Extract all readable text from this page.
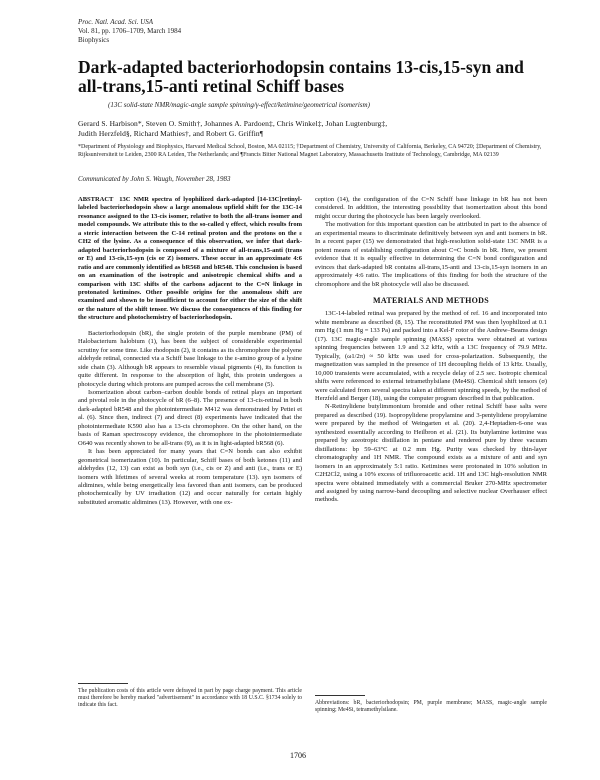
Proc. Natl. Acad. Sci. USA
Vol. 81, pp. 1706–1709, March 1984
Biophysics
Dark-adapted bacteriorhodopsin contains 13-cis,15-syn and
all-trans,15-anti retinal Schiff bases
(13C solid-state NMR/magic-angle sample spinning/γ-effect/ketimine/geometrical isomerism)
Gerard S. Harbison*, Steven O. Smith†, Johannes A. Pardoen‡, Chris Winkel‡, Johan Lugtenburg‡,
Judith Herzfeld§, Richard Mathies†, and Robert G. Griffin¶
*Department of Physiology and Biophysics, Harvard Medical School, Boston, MA 02115; †Department of Chemistry, University of California, Berkeley, CA 94720; ‡Department of Chemistry, Rijksuniversiteit te Leiden, 2300 RA Leiden, The Netherlands; and ¶Francis Bitter National Magnet Laboratory, Massachusetts Institute of Technology, Cambridge, MA 02139
Communicated by John S. Waugh, November 28, 1983

ABSTRACT 13C NMR spectra of lyophilized dark-adapted [14-13C]retinyl-labeled bacteriorhodopsin show a large anomalous upfield shift for the 13C-14 resonance assigned to the 13-cis isomer, relative to both the all-trans isomer and model compounds. We attribute this to the so-called γ effect, which results from a steric interaction between the C-14 retinal proton and the protons on the ε CH2 of the lysine. As a consequence of this observation, we infer that dark-adapted bacteriorhodopsin is composed of a mixture of all-trans,15-anti (trans or E) and 13-cis,15-syn (cis or Z) isomers. These occur in an approximate 4:6 ratio and are commonly identified as bR568 and bR548. This conclusion is based on an examination of the isotropic and anisotropic chemical shifts and a comparison with 13C shifts of the carbons adjacent to the C=N linkage in protonated ketimines. Other possible origins for the anomalous shift are examined and shown to be insufficient to account for either the size of the shift or the nature of the shift tensor. We discuss the consequences of this finding for the structure and photochemistry of bacteriorhodopsin.

Bacteriorhodopsin (bR), the single protein of the purple membrane (PM) of Halobacterium halobium (1), has been the subject of considerable experimental scrutiny for some time. Like rhodopsin (2), it contains as its chromophore the polyene aldehyde retinal, connected via a Schiff base linkage to the ε-amino group of a lysine side chain (3). Although bR appears to resemble visual pigments (4), its function is quite different. In response to the absorption of light, this protein undergoes a photocycle during which protons are pumped across the cell membrane (5).

Isomerization about carbon–carbon double bonds of retinal plays an important and pivotal role in the photocycle of bR (6–8). The presence of 13-cis-retinal in both dark-adapted bR548 and the photointermediate M412 was demonstrated by Pettei et al. (6). Since then, indirect (7) and direct (8) experiments have indicated that the photointermediate K590 also has a 13-cis chromophore. On the other hand, on the basis of Raman spectroscopy evidence, the chromophore in the photointermediate O640 was recently shown to be all-trans (9), as it is in light-adapted bR568 (6).

It has been appreciated for many years that C=N bonds can also exhibit geometrical isomerization (10). In particular, Schiff bases of both ketones (11) and aldehydes (12, 13) can exist as both syn (i.e., cis or Z) and anti (i.e., trans or E) isomers with lifetimes of several weeks at room temperature (13). syn isomers of aldimines, while being energetically less favored than anti isomers, can be produced photochemically by UV irradiation (12) and occur naturally for certain highly substituted aromatic aldimines (13). However, with one ex-

The publication costs of this article were defrayed in part by page charge payment. This article must therefore be hereby marked "advertisement" in accordance with 18 U.S.C. §1734 solely to indicate this fact.

ception (14), the configuration of the C=N Schiff base linkage in bR has not been considered. In addition, the interesting possibility that isomerization about this bond might occur during the photocycle has been largely overlooked.

The motivation for this important question can be attributed in part to the absence of an experimental means to discriminate definitively between syn and anti isomers in bR. In a recent paper (15) we demonstrated that high-resolution solid-state 13C NMR is a potent means of establishing configuration about C=C bonds in bR. Here, we present evidence that it is equally effective in determining the C=N bond configuration and evinces that dark-adapted bR contains all-trans,15-anti and 13-cis,15-syn isomers in an approximately 4:6 ratio. The implications of this finding for both the structure of the chromophore and the bR photocycle will also be discussed.

MATERIALS AND METHODS

13C-14-labeled retinal was prepared by the method of ref. 16 and incorporated into white membrane as described (8, 15). The reconstituted PM was then lyophilized at 0.1 mm Hg (1 mm Hg = 133 Pa) and packed into a Kel-F rotor of the Andrew–Beams design (17). 13C magic-angle sample spinning (MASS) spectra were obtained at various spinning frequencies between 1.9 and 3.2 kHz, with a 13C frequency of 79.9 MHz. Typically, (ω1/2π) ≈ 50 kHz was used for cross-polarization. Subsequently, the magnetization was sampled in the presence of 1H decoupling fields of 13 kHz. Usually, 10,000 transients were accumulated, with a recycle delay of 2.5 sec. Isotropic chemical shifts were referenced to external tetramethylsilane (Me4Si). Chemical shift tensors (σ) were calculated from several spectra taken at different spinning speeds, by the method of Herzfeld and Berger (18), using the computer program described in that publication.

N-Retinylidene butylimmonium bromide and other retinal Schiff base salts were prepared as described (19). Isopropylidene propylamine and 3-pentylidene propylamine were prepared by the method of Weingarten et al. (20). 2,4-Heptadien-6-one was synthesized essentially according to Heilbron et al. (21). Its butylamine ketimine was prepared by azeotropic distillation in pentane and rendered pure by three vacuum distillations: bp 59–63°C at 0.2 mm Hg. Purity was checked by thin-layer chromatography and 1H NMR. The compound exists as a mixture of anti and syn isomers in an approximately 5:1 ratio. Ketimines were protonated in 10% solution in C2H2Cl2, using a 10% excess of trifluoroacetic acid. 1H and 13C high-resolution NMR spectra were obtained immediately with a commercial Bruker 270-MHz spectrometer and assigned by using narrow-band decoupling and selective nuclear Overhauser effect methods.

Abbreviations: bR, bacteriorhodopsin; PM, purple membrane; MASS, magic-angle sample spinning; Me4Si, tetramethylsilane.
1706
